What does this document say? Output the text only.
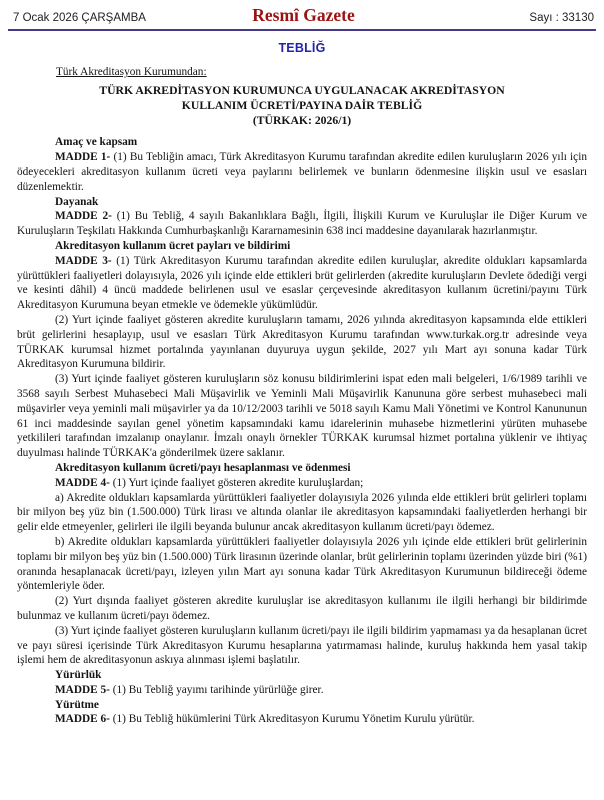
7 Ocak 2026 ÇARŞAMBA	Resmî Gazete	Sayı : 33130
TEBLİĞ

Türk Akreditasyon Kurumundan:

TÜRK AKREDİTASYON KURUMUNCA UYGULANACAK AKREDİTASYON
KULLANIM ÜCRETİ/PAYINA DAİR TEBLİĞ
(TÜRKAK: 2026/1)

Amaç ve kapsam

MADDE 1- (1) Bu Tebliğin amacı, Türk Akreditasyon Kurumu tarafından akredite edilen kuruluşların 2026 yılı için ödeyecekleri akreditasyon kullanım ücreti veya paylarını belirlemek ve bunların ödenmesine ilişkin usul ve esasları düzenlemektir.

Dayanak

MADDE 2- (1) Bu Tebliğ, 4 sayılı Bakanlıklara Bağlı, İlgili, İlişkili Kurum ve Kuruluşlar ile Diğer Kurum ve Kuruluşların Teşkilatı Hakkında Cumhurbaşkanlığı Kararnamesinin 638 inci maddesine dayanılarak hazırlanmıştır.

Akreditasyon kullanım ücret payları ve bildirimi

MADDE 3- (1) Türk Akreditasyon Kurumu tarafından akredite edilen kuruluşlar, akredite oldukları kapsamlarda yürüttükleri faaliyetleri dolayısıyla, 2026 yılı içinde elde ettikleri brüt gelirlerden (akredite kuruluşların Devlete ödediği vergi ve kesinti dâhil) 4 üncü maddede belirlenen usul ve esaslar çerçevesinde akreditasyon kullanım ücretini/payını Türk Akreditasyon Kurumuna beyan etmekle ve ödemekle yükümlüdür.

(2) Yurt içinde faaliyet gösteren akredite kuruluşların tamamı, 2026 yılında akreditasyon kapsamında elde ettikleri brüt gelirlerini hesaplayıp, usul ve esasları Türk Akreditasyon Kurumu tarafından www.turkak.org.tr adresinde veya TÜRKAK kurumsal hizmet portalında yayınlanan duyuruya uygun şekilde, 2027 yılı Mart ayı sonuna kadar Türk Akreditasyon Kurumuna bildirir.

(3) Yurt içinde faaliyet gösteren kuruluşların söz konusu bildirimlerini ispat eden mali belgeleri, 1/6/1989 tarihli ve 3568 sayılı Serbest Muhasebeci Mali Müşavirlik ve Yeminli Mali Müşavirlik Kanununa göre serbest muhasebeci mali müşavirler veya yeminli mali müşavirler ya da 10/12/2003 tarihli ve 5018 sayılı Kamu Mali Yönetimi ve Kontrol Kanununun 61 inci maddesinde sayılan genel yönetim kapsamındaki kamu idarelerinin muhasebe hizmetlerini yürüten muhasebe yetkilileri tarafından imzalanıp onaylanır. İmzalı onaylı örnekler TÜRKAK kurumsal hizmet portalına yüklenir ve ihtiyaç duyulması halinde TÜRKAK'a gönderilmek üzere saklanır.

Akreditasyon kullanım ücreti/payı hesaplanması ve ödenmesi

MADDE 4- (1) Yurt içinde faaliyet gösteren akredite kuruluşlardan;

a) Akredite oldukları kapsamlarda yürüttükleri faaliyetler dolayısıyla 2026 yılında elde ettikleri brüt gelirleri toplamı bir milyon beş yüz bin (1.500.000) Türk lirası ve altında olanlar ile akreditasyon kapsamındaki faaliyetlerden herhangi bir gelir elde etmeyenler, gelirleri ile ilgili beyanda bulunur ancak akreditasyon kullanım ücreti/payı ödemez.

b) Akredite oldukları kapsamlarda yürüttükleri faaliyetler dolayısıyla 2026 yılı içinde elde ettikleri brüt gelirlerinin toplamı bir milyon beş yüz bin (1.500.000) Türk lirasının üzerinde olanlar, brüt gelirlerinin toplamı üzerinden yüzde biri (%1) oranında hesaplanacak ücreti/payı, izleyen yılın Mart ayı sonuna kadar Türk Akreditasyon Kurumunun bildireceği ödeme yöntemleriyle öder.

(2) Yurt dışında faaliyet gösteren akredite kuruluşlar ise akreditasyon kullanımı ile ilgili herhangi bir bildirimde bulunmaz ve kullanım ücreti/payı ödemez.

(3) Yurt içinde faaliyet gösteren kuruluşların kullanım ücreti/payı ile ilgili bildirim yapmaması ya da hesaplanan ücret ve payı süresi içerisinde Türk Akreditasyon Kurumu hesaplarına yatırmaması halinde, kuruluş hakkında hem yasal takip işlemi hem de akreditasyonun askıya alınması işlemi başlatılır.

Yürürlük

MADDE 5- (1) Bu Tebliğ yayımı tarihinde yürürlüğe girer.

Yürütme

MADDE 6- (1) Bu Tebliğ hükümlerini Türk Akreditasyon Kurumu Yönetim Kurulu yürütür.
